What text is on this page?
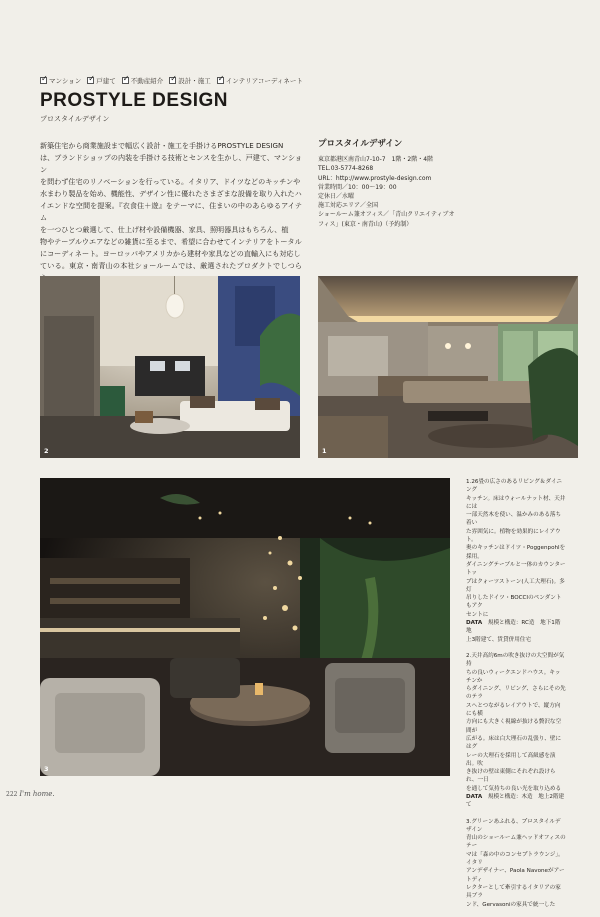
✓
マンション ✓ 戸建て ✓ 不動産紹介 ✓ 設計・施工 ✓ インテリアコーディネート
PROSTYLE DESIGN
プロスタイルデザイン
新築住宅から商業施設まで幅広く設計・施工を手掛けるPROSTYLE DESIGN
は、ブランドショップの内装を手掛ける技術とセンスを生かし、戸建て、マンション
を問わず住宅のリノベーションを行っている。イタリア、ドイツなどのキッチンや
水まわり製品を始め、機能性、デザイン性に優れたさまざまな設備を取り入れたハ
イエンドな空間を提案。『衣食住＋遊』をテーマに、住まいの中のあらゆるアイテム
を一つひとつ厳選して、仕上げ材や設備機器、家具、照明器具はもちろん、植
物やテーブルウエアなどの雑貨に至るまで、希望に合わせてインテリアをトータル
にコーディネート。ヨーロッパやアメリカから建材や家具などの直輸入にも対応し
ている。東京・南青山の本社ショールームでは、厳選されたプロダクトでしつら
プロスタイルデザイン
東京都港区南青山7-10-7　1階・2階・4階
TEL.03-5774-8268
URL：http://www.prostyle-design.com
営業時間／10：00〜19：00
定休日／水曜
施工対応エリア／全国
ショールーム兼オフィス／「青山クリエイティブオ
フィス」(東京・南青山)（予約制）
2	1
3
1.26畳の広さのあるリビング＆ダイニング
キッチン。床はウォールナット材、天井には
一部天然木を使い、温かみのある落ち着い
た雰囲気に。植物を効果的にレイアウト。
奥のキッチンはドイツ・Poggenpohlを採用。
ダイニングテーブルと一体のカウンタートッ
プはクォーツストーン(人工大理石)。多灯
吊りしたドイツ・BOCCIのペンダントもアク
セントに
DATA　 規模と構造：RC造　地下1階地
上3階建て、賃貸併用住宅
2.天井高約6mの吹き抜けの大空間が気持
ちの良いウィークエンドハウス。キッチンか
らダイニング、リビング、さらにその先のテラ
スへとつながるレイアウトで、縦方向にも横
方向にも大きく視線が抜ける贅沢な空間が
広がる。床は白大理石の乱張り、壁にはグ
レーの大理石を採用して高級感を演出。吹
き抜けの壁は東側にそれぞれ設けられ、一日
を通して気持ちの良い光を取り込める
DATA　 規模と構造：木造　地上2階建て
3.グリーンあふれる、プロスタイルデザイン
青山のショールーム兼ヘッドオフィスのテー
マは「森の中のコンセプトラウンジ」。イタリ
アンデザイナー、Paola Navoneがアートディ
レクターとして牽引するイタリアの家具ブラ
ンド、Gervasoniの家具で統一した
222 I'm home.
